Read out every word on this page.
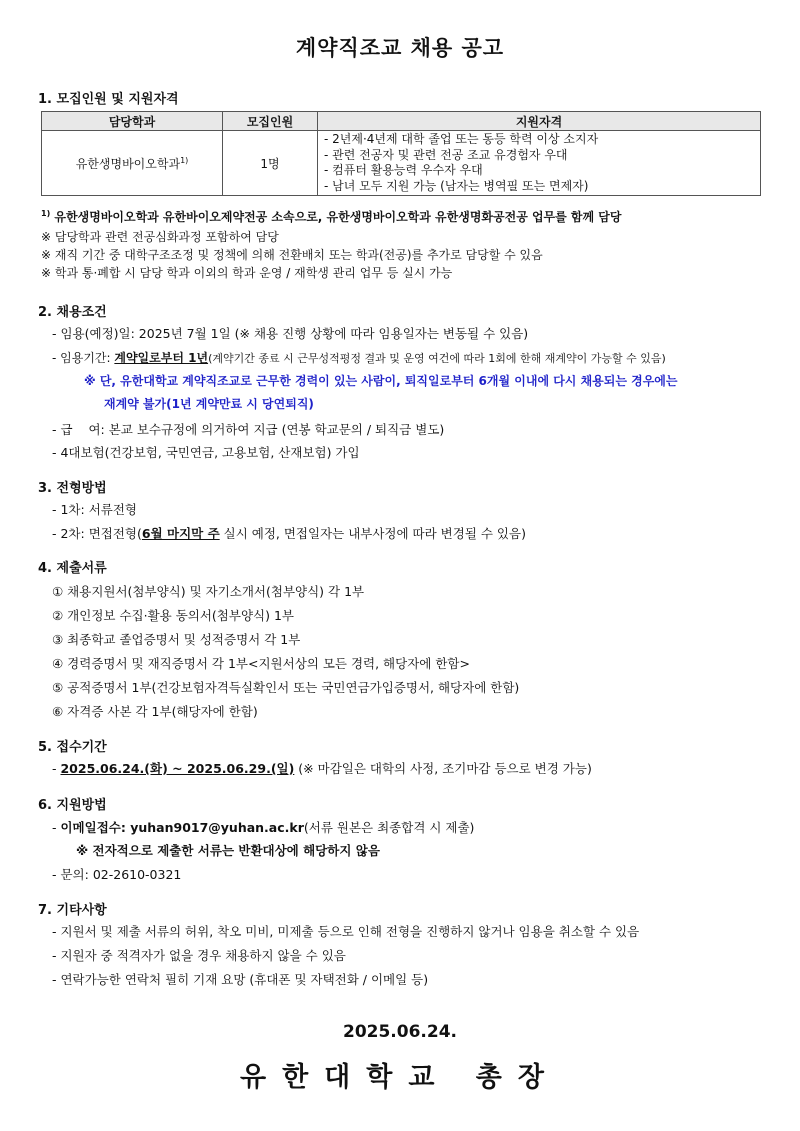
계약직조교 채용 공고
1. 모집인원 및 지원자격
담당학과	모집인원	지원자격
유한생명바이오학과$^{1)}$	1명	- 2년제·4년제 대학 졸업 또는 동등 학력 이상 소지자
- 관련 전공자 및 관련 전공 조교 유경험자 우대
- 컴퓨터 활용능력 우수자 우대
- 남녀 모두 지원 가능 (남자는 병역필 또는 면제자)
$^{1)}$ 유한생명바이오학과 유한바이오제약전공 소속으로, 유한생명바이오학과 유한생명화공전공 업무를 함께 담당
※ 담당학과 관련 전공심화과정 포함하여 담당
※ 재직 기간 중 대학구조조정 및 정책에 의해 전환배치 또는 학과(전공)를 추가로 담당할 수 있음
※ 학과 통·폐합 시 담당 학과 이외의 학과 운영 / 재학생 관리 업무 등 실시 가능
2. 채용조건
- 임용(예정)일: 2025년 7월 1일 (※ 채용 진행 상황에 따라 임용일자는 변동될 수 있음)
- 임용기간: 계약일로부터 1년(계약기간 종료 시 근무성적평정 결과 및 운영 여건에 따라 1회에 한해 재계약이 가능할 수 있음)
※ 단, 유한대학교 계약직조교로 근무한 경력이 있는 사람이, 퇴직일로부터 6개월 이내에 다시 채용되는 경우에는
재계약 불가(1년 계약만료 시 당연퇴직)
- 급    여: 본교 보수규정에 의거하여 지급 (연봉 학교문의 / 퇴직금 별도)
- 4대보험(건강보험, 국민연금, 고용보험, 산재보험) 가입
3. 전형방법
- 1차: 서류전형
- 2차: 면접전형(6월 마지막 주 실시 예정, 면접일자는 내부사정에 따라 변경될 수 있음)
4. 제출서류
① 채용지원서(첨부양식) 및 자기소개서(첨부양식) 각 1부
② 개인정보 수집·활용 동의서(첨부양식) 1부
③ 최종학교 졸업증명서 및 성적증명서 각 1부
④ 경력증명서 및 재직증명서 각 1부<지원서상의 모든 경력, 해당자에 한함>
⑤ 공적증명서 1부(건강보험자격득실확인서 또는 국민연금가입증명서, 해당자에 한함)
⑥ 자격증 사본 각 1부(해당자에 한함)
5. 접수기간
- 2025.06.24.(화) ~ 2025.06.29.(일) (※ 마감일은 대학의 사정, 조기마감 등으로 변경 가능)
6. 지원방법
- 이메일접수: yuhan9017@yuhan.ac.kr(서류 원본은 최종합격 시 제출)
※ 전자적으로 제출한 서류는 반환대상에 해당하지 않음
- 문의: 02-2610-0321
7. 기타사항
- 지원서 및 제출 서류의 허위, 착오 미비, 미제출 등으로 인해 전형을 진행하지 않거나 임용을 취소할 수 있음
- 지원자 중 적격자가 없을 경우 채용하지 않을 수 있음
- 연락가능한 연락처 필히 기재 요망 (휴대폰 및 자택전화 / 이메일 등)
2025.06.24.
유한대학교 총장
